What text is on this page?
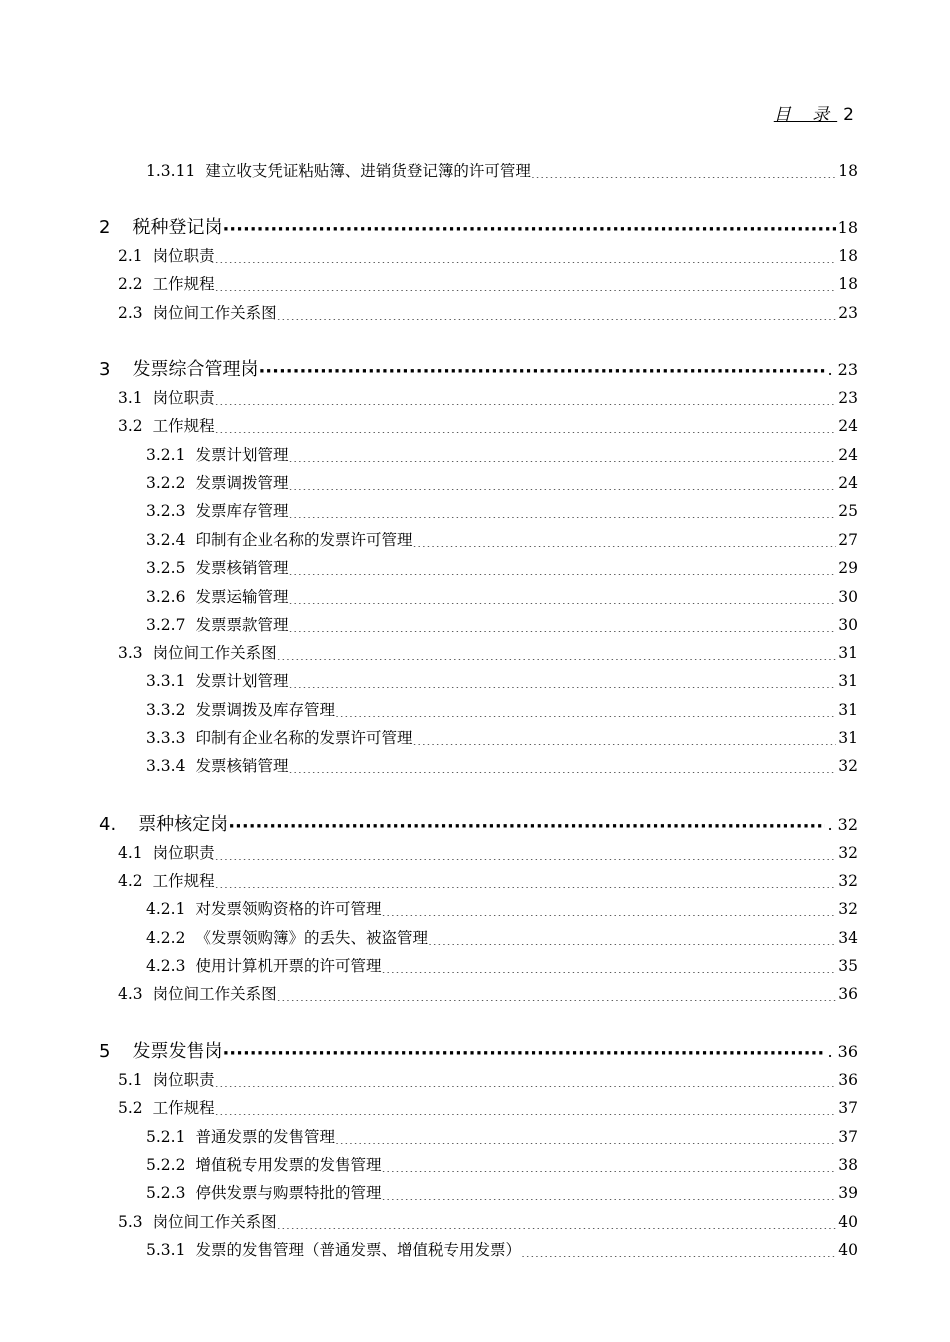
目 录 2
1.3.11 建立收支凭证粘贴簿、进销货登记簿的许可管理 .....	18
2 税种登记岗 ·····	18
2.1 岗位职责 .....	18
2.2 工作规程 .....	18
2.3 岗位间工作关系图 .....	23
3 发票综合管理岗 ·····	. 23
3.1 岗位职责 .....	23
3.2 工作规程 .....	24
3.2.1 发票计划管理 .....	24
3.2.2 发票调拨管理 .....	24
3.2.3 发票库存管理 .....	25
3.2.4 印制有企业名称的发票许可管理 .....	27
3.2.5 发票核销管理 .....	29
3.2.6 发票运输管理 .....	30
3.2.7 发票票款管理 .....	30
3.3 岗位间工作关系图 .....	31
3.3.1 发票计划管理 .....	31
3.3.2 发票调拨及库存管理 .....	31
3.3.3 印制有企业名称的发票许可管理 .....	31
3.3.4 发票核销管理 .....	32
4. 票种核定岗 ·····	. 32
4.1 岗位职责 .....	32
4.2 工作规程 .....	32
4.2.1 对发票领购资格的许可管理 .....	32
4.2.2 《发票领购簿》的丢失、被盗管理 .....	34
4.2.3 使用计算机开票的许可管理 .....	35
4.3 岗位间工作关系图 .....	36
5 发票发售岗 ·····	. 36
5.1 岗位职责 .....	36
5.2 工作规程 .....	37
5.2.1 普通发票的发售管理 .....	37
5.2.2 增值税专用发票的发售管理 .....	38
5.2.3 停供发票与购票特批的管理 .....	39
5.3 岗位间工作关系图 .....	40
5.3.1 发票的发售管理（普通发票、增值税专用发票） .....	40
